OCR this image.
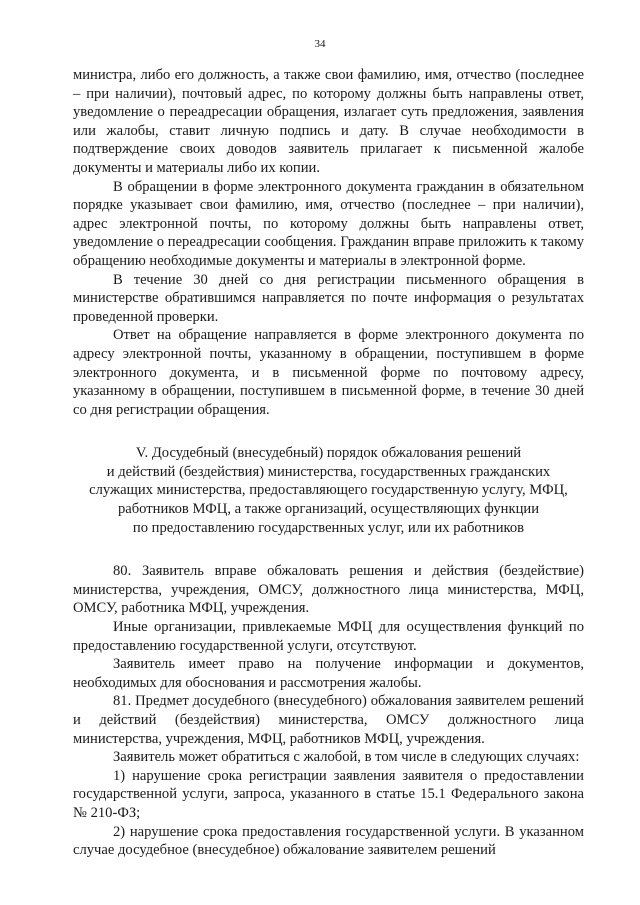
34

министра, либо его должность, а также свои фамилию, имя, отчество (последнее – при наличии), почтовый адрес, по которому должны быть направлены ответ, уведомление о переадресации обращения, излагает суть предложения, заявления или жалобы, ставит личную подпись и дату. В случае необходимости в подтверждение своих доводов заявитель прилагает к письменной жалобе документы и материалы либо их копии.

В обращении в форме электронного документа гражданин в обязательном порядке указывает свои фамилию, имя, отчество (последнее – при наличии), адрес электронной почты, по которому должны быть направлены ответ, уведомление о переадресации сообщения. Гражданин вправе приложить к такому обращению необходимые документы и материалы в электронной форме.

В течение 30 дней со дня регистрации письменного обращения в министерстве обратившимся направляется по почте информация о результатах проведенной проверки.

Ответ на обращение направляется в форме электронного документа по адресу электронной почты, указанному в обращении, поступившем в форме электронного документа, и в письменной форме по почтовому адресу, указанному в обращении, поступившем в письменной форме, в течение 30 дней со дня регистрации обращения.

V. Досудебный (внесудебный) порядок обжалования решений
и действий (бездействия) министерства, государственных гражданских
служащих министерства, предоставляющего государственную услугу, МФЦ,
работников МФЦ, а также организаций, осуществляющих функции
по предоставлению государственных услуг, или их работников

80. Заявитель вправе обжаловать решения и действия (бездействие) министерства, учреждения, ОМСУ, должностного лица министерства, МФЦ, ОМСУ, работника МФЦ, учреждения.

Иные организации, привлекаемые МФЦ для осуществления функций по предоставлению государственной услуги, отсутствуют.

Заявитель имеет право на получение информации и документов, необходимых для обоснования и рассмотрения жалобы.

81. Предмет досудебного (внесудебного) обжалования заявителем решений и действий (бездействия) министерства, ОМСУ должностного лица министерства, учреждения, МФЦ, работников МФЦ, учреждения.

Заявитель может обратиться с жалобой, в том числе в следующих случаях:

1) нарушение срока регистрации заявления заявителя о предоставлении государственной услуги, запроса, указанного в статье 15.1 Федерального закона № 210-ФЗ;

2) нарушение срока предоставления государственной услуги. В указанном случае досудебное (внесудебное) обжалование заявителем решений
